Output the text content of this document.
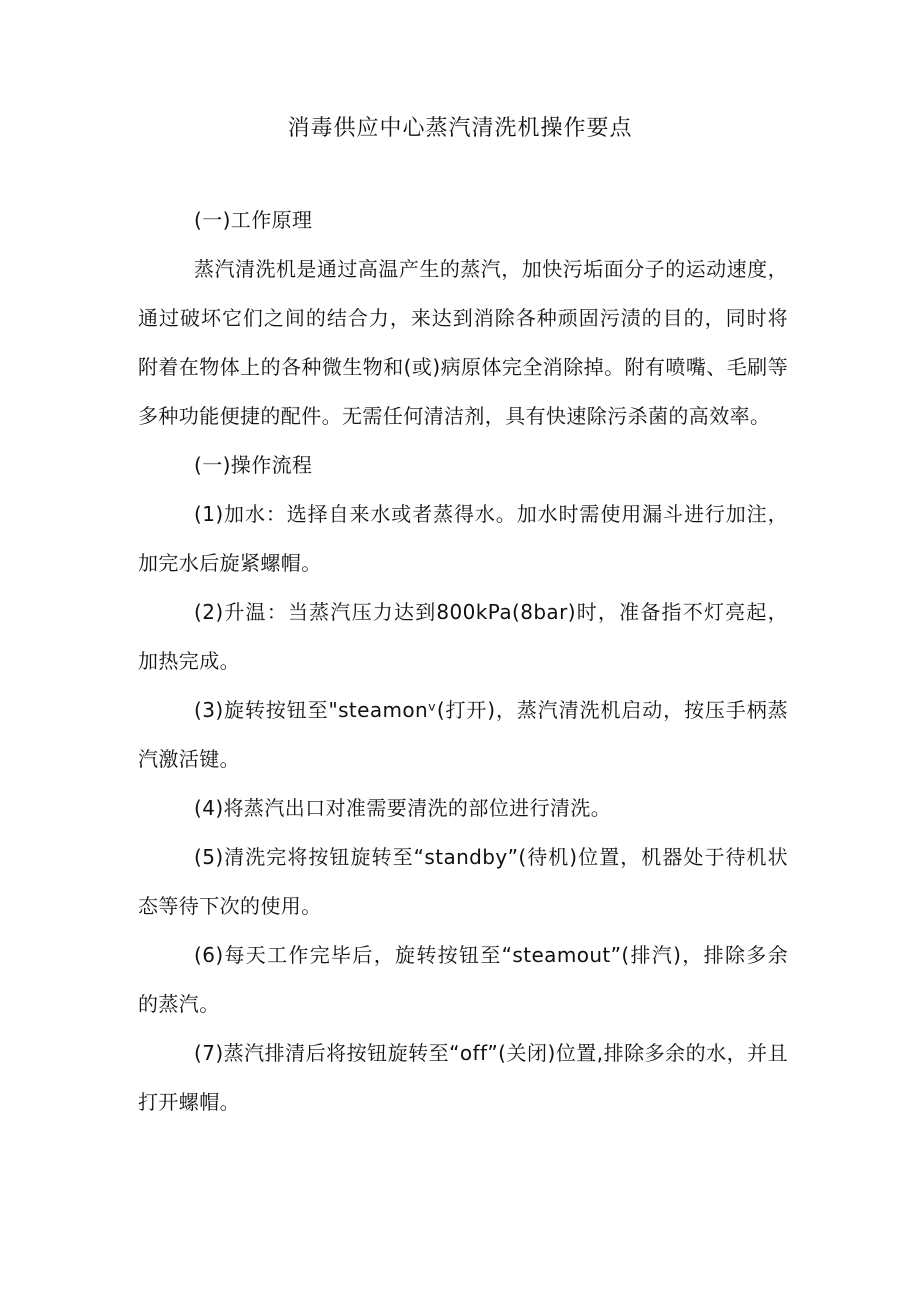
消毒供应中心蒸汽清洗机操作要点

(一)工作原理

蒸汽清洗机是通过高温产生的蒸汽，加快污垢面分子的运动速度，通过破坏它们之间的结合力，来达到消除各种顽固污渍的目的，同时将附着在物体上的各种微生物和(或)病原体完全消除掉。附有喷嘴、毛刷等多种功能便捷的配件。无需任何清洁剂，具有快速除污杀菌的高效率。

(一)操作流程

(1)加水：选择自来水或者蒸得水。加水时需使用漏斗进行加注，加完水后旋紧螺帽。

(2)升温：当蒸汽压力达到800kPa(8bar)时，准备指不灯亮起，加热完成。

(3)旋转按钮至"steamonᵛ(打开)，蒸汽清洗机启动，按压手柄蒸汽激活键。

(4)将蒸汽出口对准需要清洗的部位进行清洗。

(5)清洗完将按钮旋转至“standby”(待机)位置，机器处于待机状态等待下次的使用。

(6)每天工作完毕后，旋转按钮至“steamout”(排汽)，排除多余的蒸汽。

(7)蒸汽排清后将按钮旋转至“off”(关闭)位置,排除多余的水，并且打开螺帽。
